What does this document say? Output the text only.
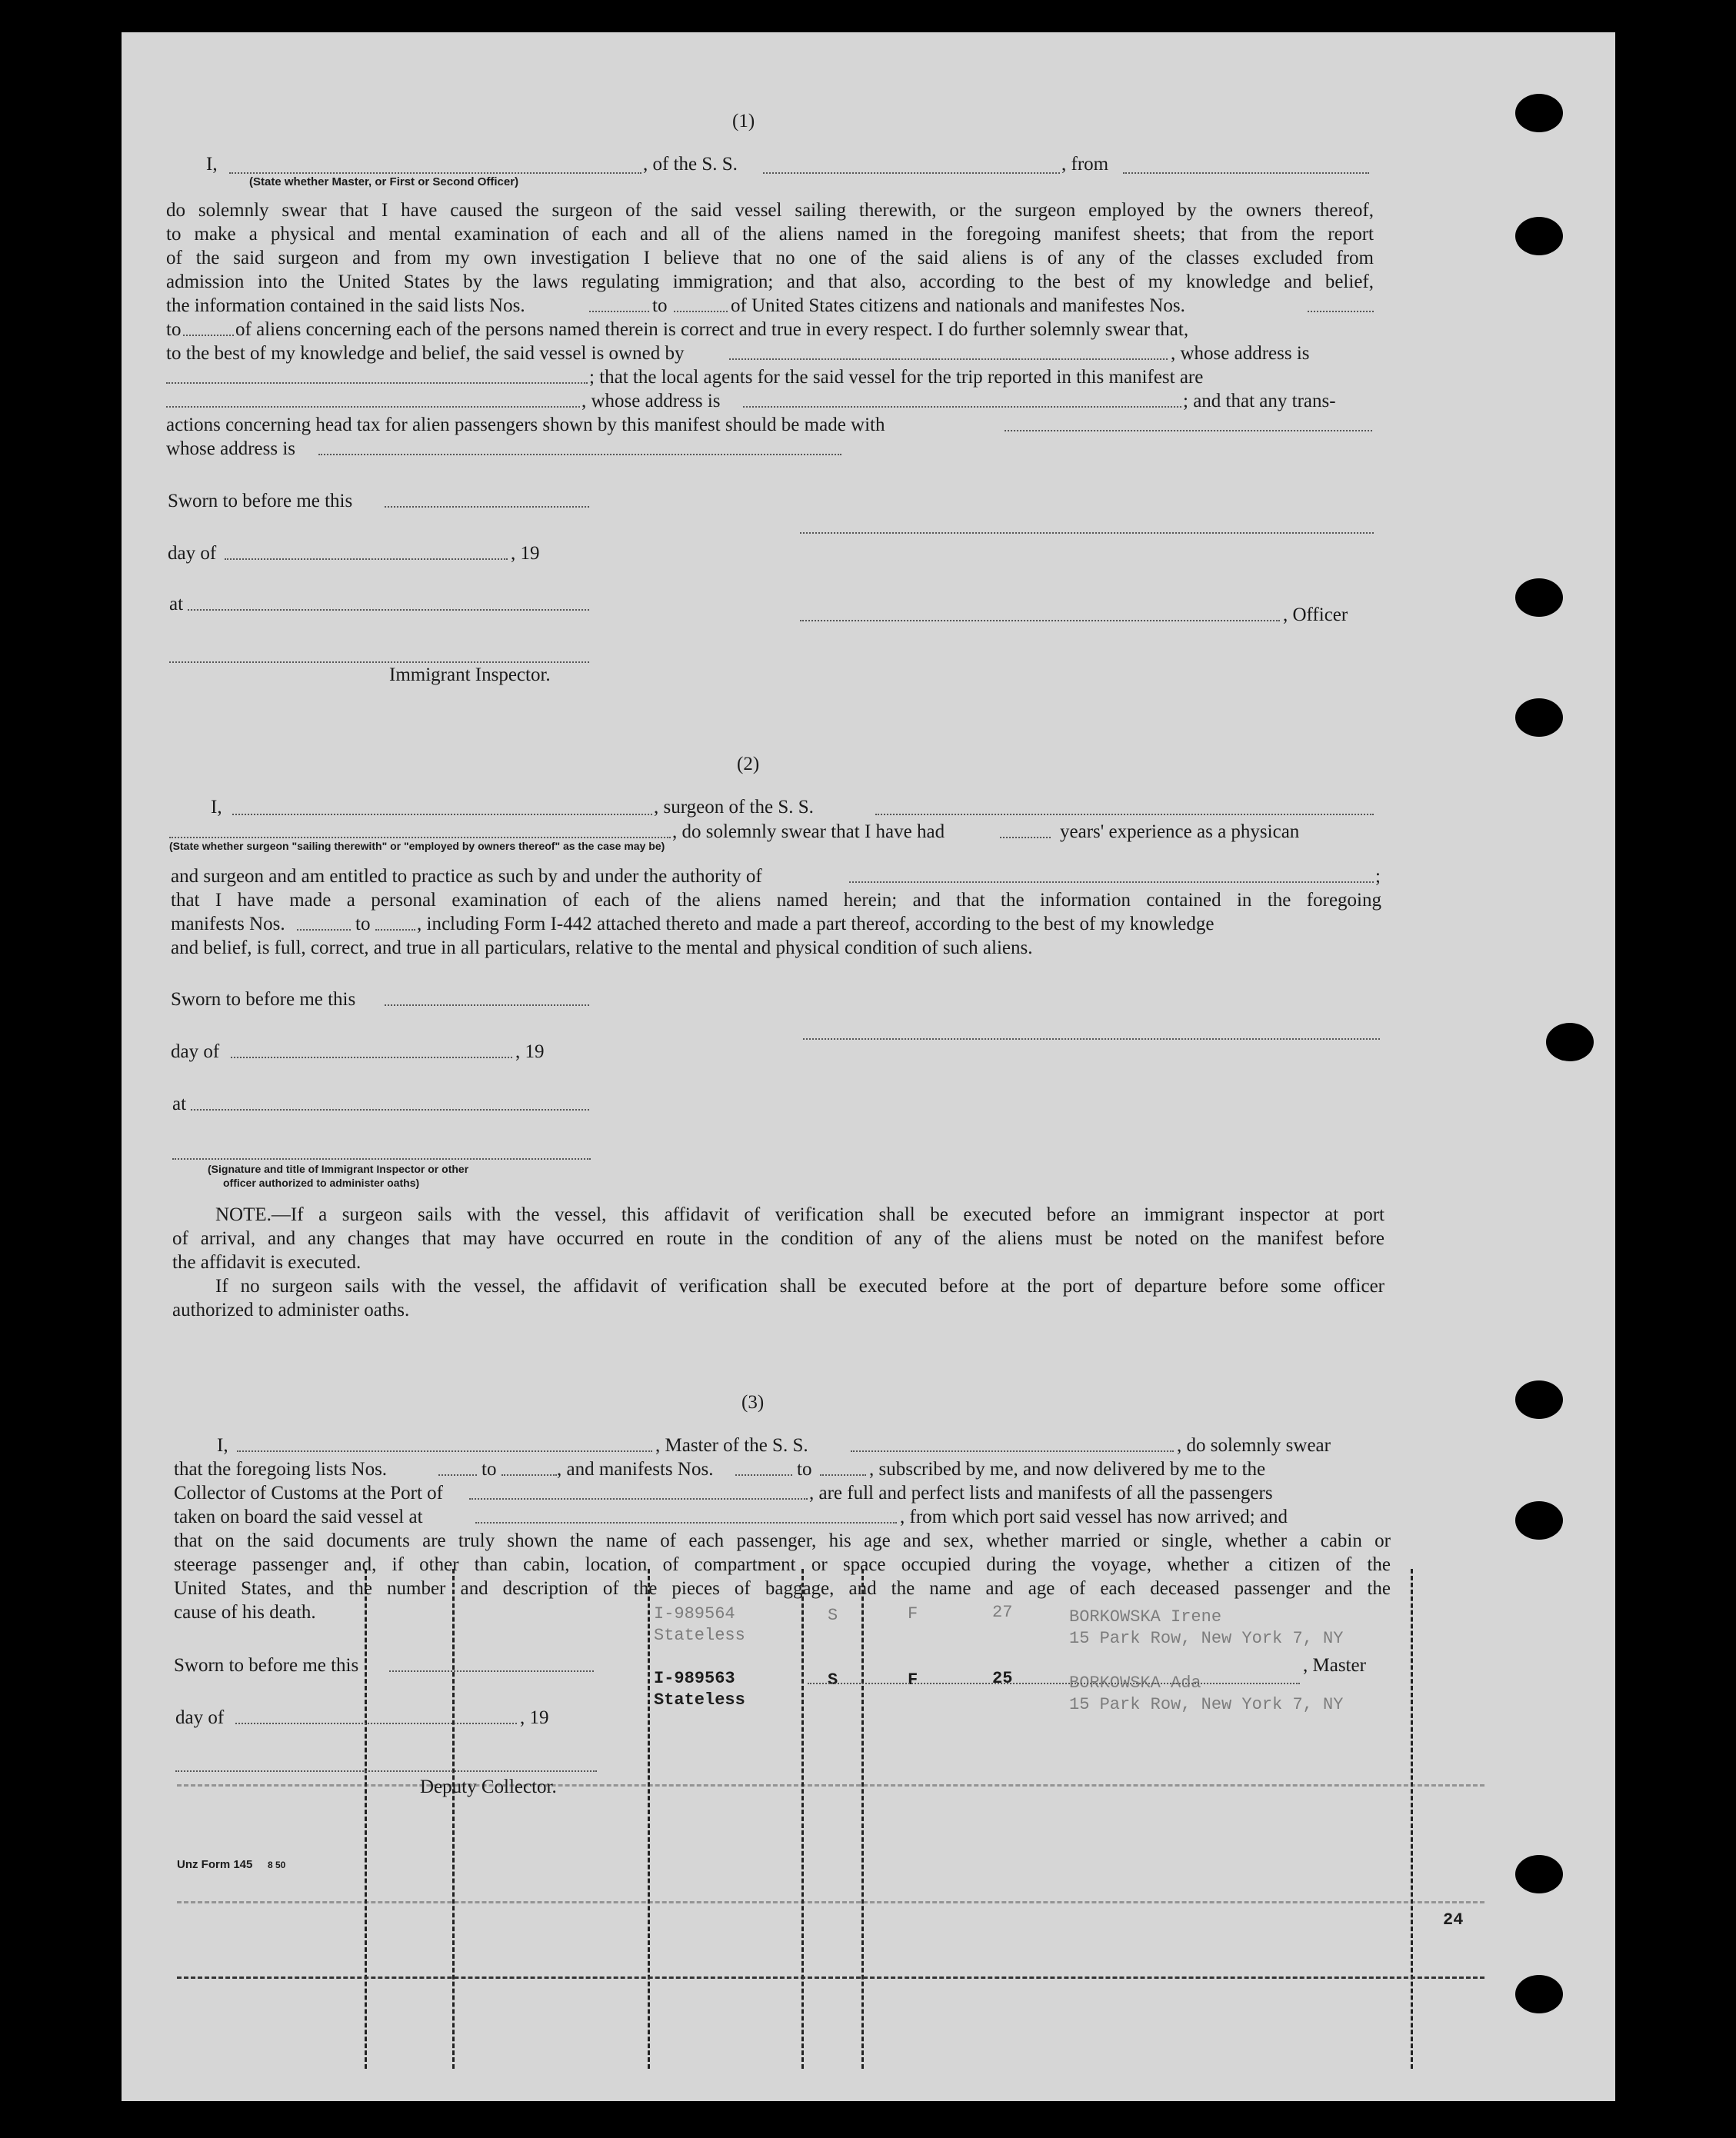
(1)
I,
(State whether Master, or First or Second Officer)
, of the S. S.	, from
do solemnly swear that I have caused the surgeon of the said vessel sailing therewith, or the surgeon employed by the owners thereof,
to make a physical and mental examination of each and all of the aliens named in the foregoing manifest sheets; that from the report
of the said surgeon and from my own investigation I believe that no one of the said aliens is of any of the classes excluded from
admission into the United States by the laws regulating immigration; and that also, according to the best of my knowledge and belief,
the information contained in the said lists Nos.	to	of United States citizens and nationals and manifestes Nos.
to	of aliens concerning each of the persons named therein is correct and true in every respect. I do further solemnly swear that,
to the best of my knowledge and belief, the said vessel is owned by	, whose address is
; that the local agents for the said vessel for the trip reported in this manifest are
, whose address is	; and that any trans-
actions concerning head tax for alien passengers shown by this manifest should be made with
whose address is
Sworn to before me this
day of	, 19
at
, Officer
Immigrant Inspector.
(2)
I,	, surgeon of the S. S.
, do solemnly swear that I have had	years' experience as a physican
(State whether surgeon "sailing therewith" or "employed by owners thereof" as the case may be)
and surgeon and am entitled to practice as such by and under the authority of	;
that I have made a personal examination of each of the aliens named herein; and that the information contained in the foregoing
manifests Nos.	to , including Form I-442 attached thereto and made a part thereof, according to the best of my knowledge
and belief, is full, correct, and true in all particulars, relative to the mental and physical condition of such aliens.
Sworn to before me this
day of	, 19
at
(Signature and title of Immigrant Inspector or other
officer authorized to administer oaths)
NOTE.—If a surgeon sails with the vessel, this affidavit of verification shall be executed before an immigrant inspector at port
of arrival, and any changes that may have occurred en route in the condition of any of the aliens must be noted on the manifest before
the affidavit is executed.
If no surgeon sails with the vessel, the affidavit of verification shall be executed before at the port of departure before some officer
authorized to administer oaths.
I-989564
Stateless
S	F	27	BORKOWSKA Irene
15 Park Row, New York 7, NY
I-989563
Stateless
S	F	25	BORKOWSKA Ada
15 Park Row, New York 7, NY
24
(3)
I,	, Master of the S. S.	, do solemnly swear
that the foregoing lists Nos.	to	, and manifests Nos.	to	, subscribed by me, and now delivered by me to the
Collector of Customs at the Port of	, are full and perfect lists and manifests of all the passengers
taken on board the said vessel at	, from which port said vessel has now arrived; and
that on the said documents are truly shown the name of each passenger, his age and sex, whether married or single, whether a cabin or
steerage passenger and, if other than cabin, location of compartment or space occupied during the voyage, whether a citizen of the
United States, and the number and description of the pieces of baggage, and the name and age of each deceased passenger and the
cause of his death.
Sworn to before me this	, Master
day of	, 19
Deputy Collector.
Unz Form 145 8 50
